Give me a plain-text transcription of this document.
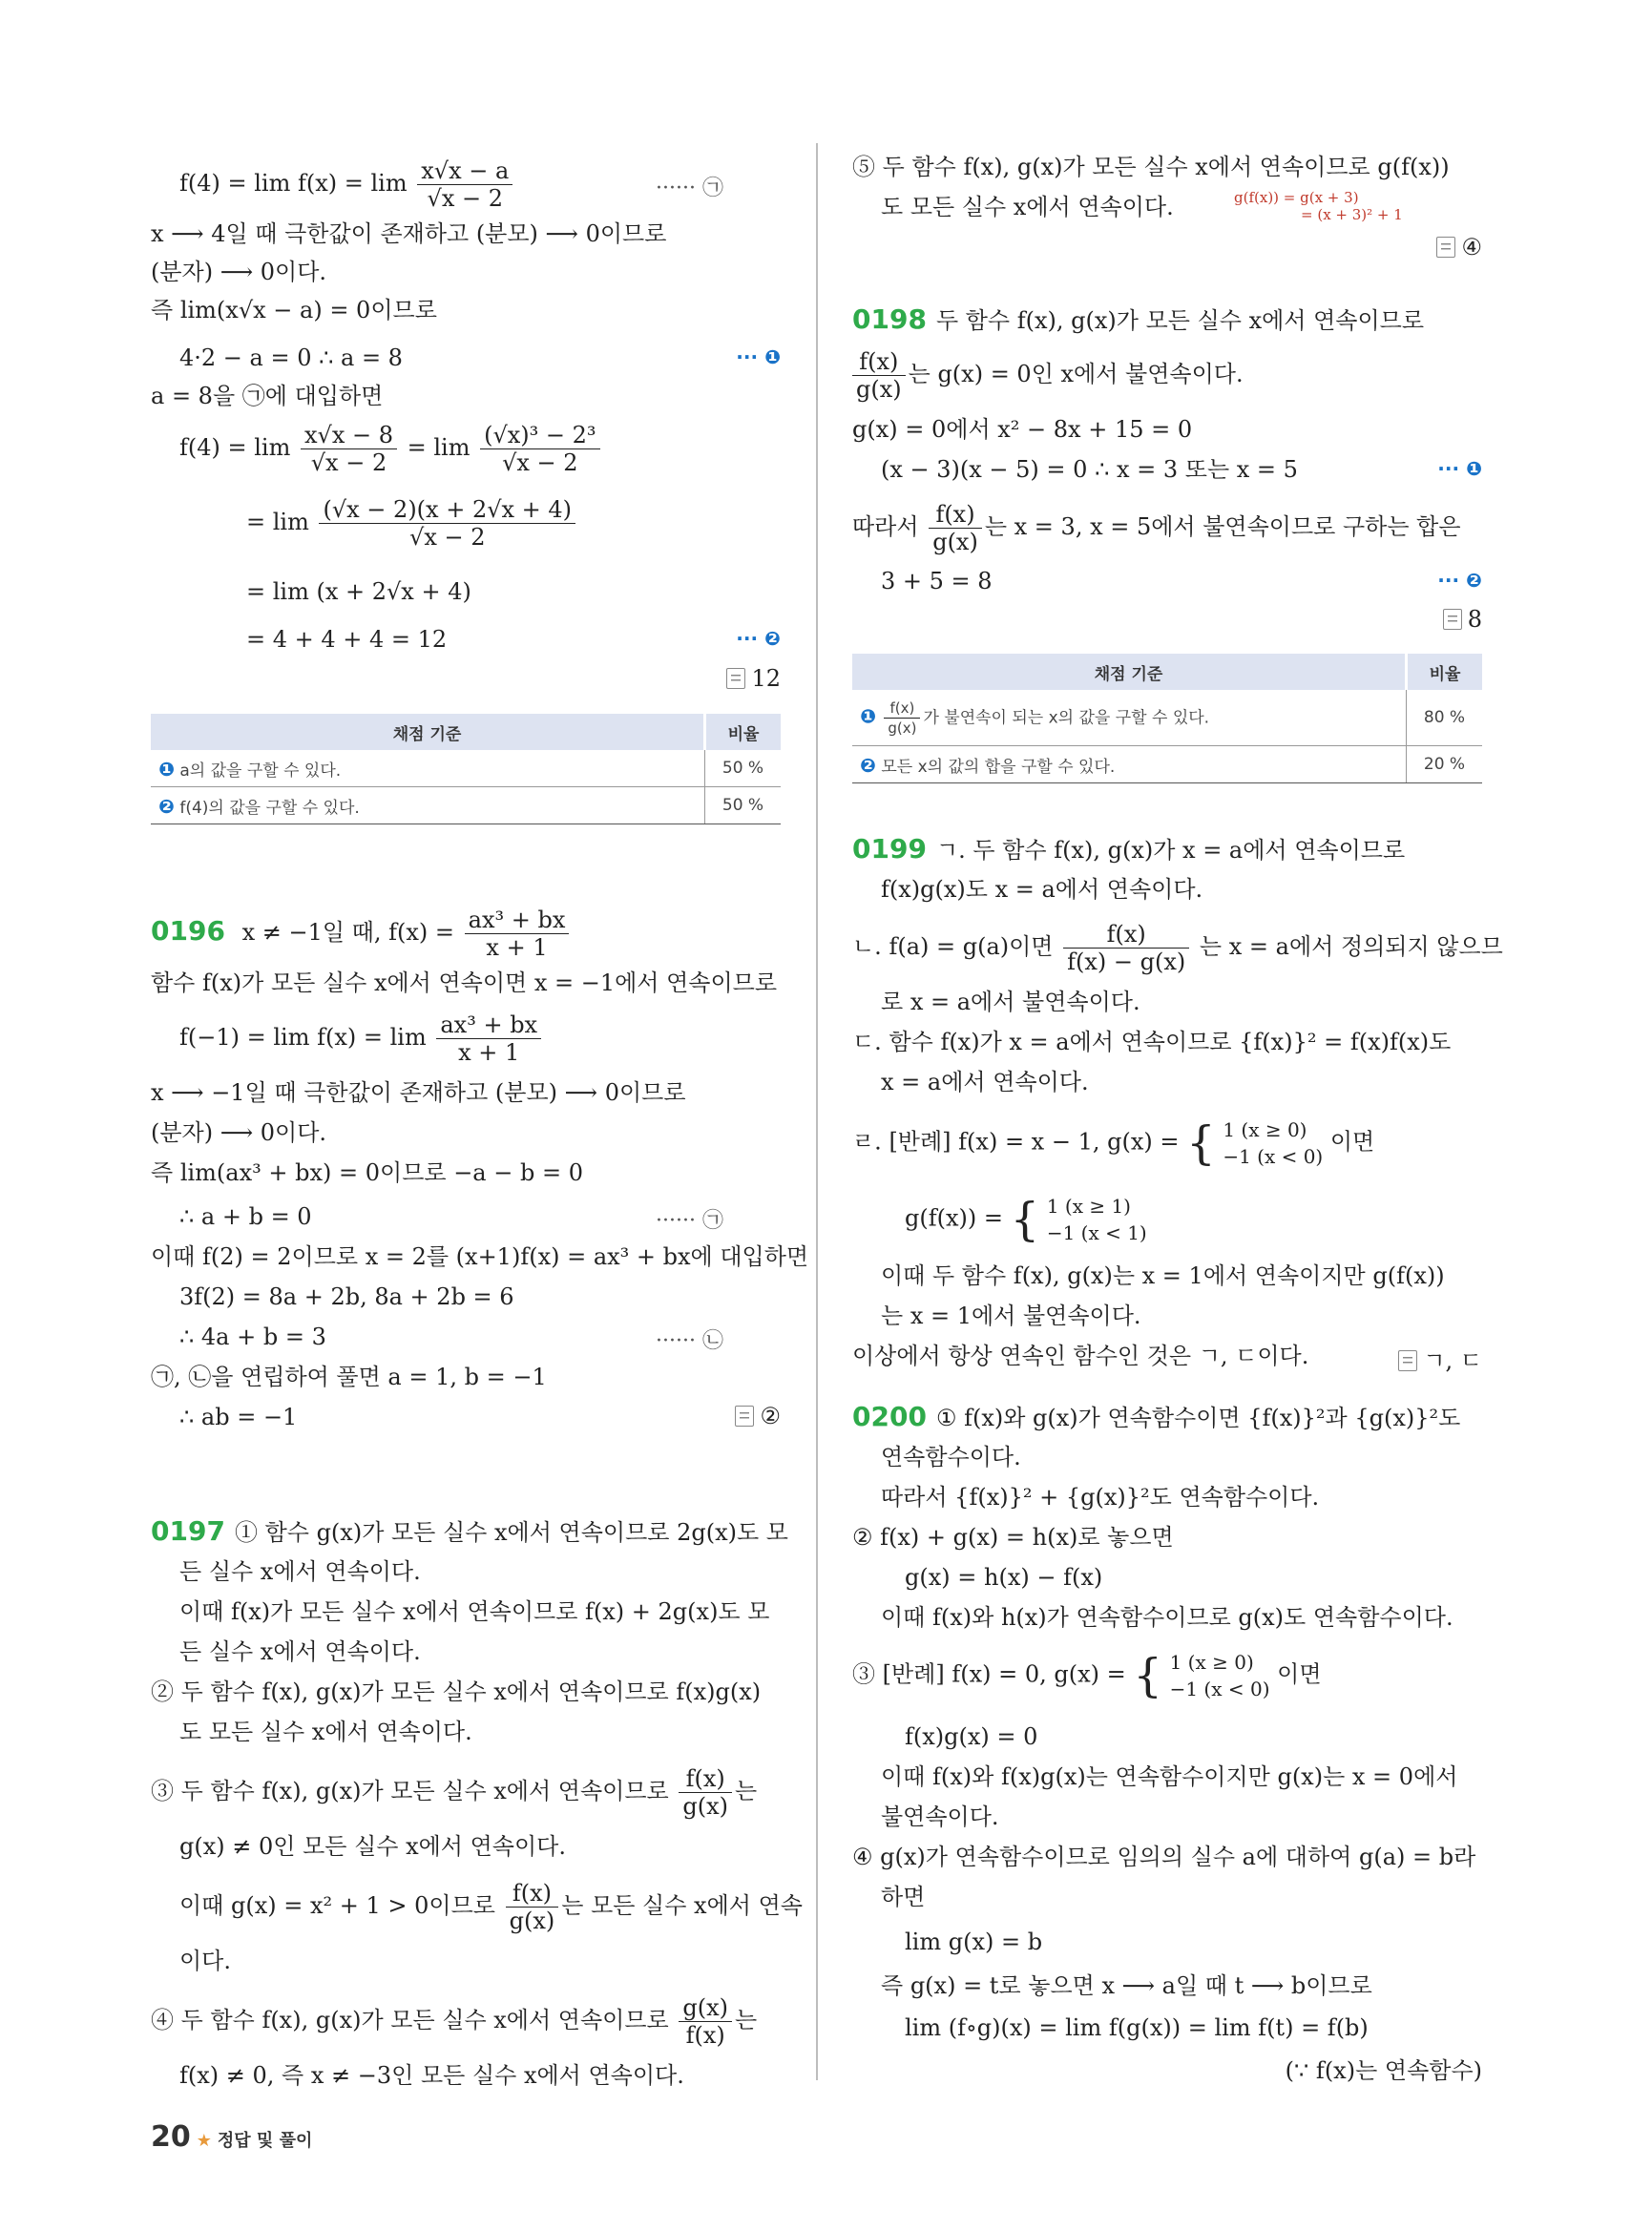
$f(4) = \lim f(x) = \lim \frac{x√x - a}{√x - 2}$	······ ㉠
x ⟶ 4일 때 극한값이 존재하고 (분모) ⟶ 0이므로
(분자) ⟶ 0이다.
즉 lim(x√x − a) = 0이므로
4·2 − a = 0 ∴ a = 8	··· ❶
a = 8을 ㉠에 대입하면
$f(4) = \lim \frac{x√x - 8}{√x - 2} = \lim \frac{\text{(√x)³ − 2³}}{√x - 2}$
= $\lim \frac{(√x - 2)(x + 2√x + 4)}{√x - 2}$
= lim (x + 2√x + 4)
= 4 + 4 + 4 = 12	··· ❷
12
채점 기준	비율
❶ a의 값을 구할 수 있다.	50 %
❷ f(4)의 값을 구할 수 있다.	50 %
0196 x ≠ −1일 때, $f(x) = \frac{\text{ax³ + bx}}{x + 1}$
함수 f(x)가 모든 실수 x에서 연속이면 x = −1에서 연속이므로
$f(-1) = \lim f(x) = \lim \frac{\text{ax³ + bx}}{x + 1}$
x ⟶ −1일 때 극한값이 존재하고 (분모) ⟶ 0이므로
(분자) ⟶ 0이다.
즉 lim(ax³ + bx) = 0이므로 −a − b = 0
∴ a + b = 0	······ ㉠
이때 f(2) = 2이므로 x = 2를 (x+1)f(x) = ax³ + bx에 대입하면
3f(2) = 8a + 2b, 8a + 2b = 6
∴ 4a + b = 3	······ ㉡
㉠, ㉡을 연립하여 풀면 a = 1, b = −1
∴ ab = −1	②
0197 ① 함수 g(x)가 모든 실수 x에서 연속이므로 2g(x)도 모
든 실수 x에서 연속이다.
이때 f(x)가 모든 실수 x에서 연속이므로 f(x) + 2g(x)도 모
든 실수 x에서 연속이다.
② 두 함수 f(x), g(x)가 모든 실수 x에서 연속이므로 f(x)g(x)
도 모든 실수 x에서 연속이다.
③ 두 함수 f(x), g(x)가 모든 실수 x에서 연속이므로 $\frac{f(x)}{g(x)}$ 는
g(x) ≠ 0인 모든 실수 x에서 연속이다.
이때 g(x) = x² + 1 > 0이므로 $\frac{f(x)}{g(x)}$ 는 모든 실수 x에서 연속
이다.
④ 두 함수 f(x), g(x)가 모든 실수 x에서 연속이므로 $\frac{g(x)}{f(x)}$ 는
f(x) ≠ 0, 즉 x ≠ −3인 모든 실수 x에서 연속이다.
⑤ 두 함수 f(x), g(x)가 모든 실수 x에서 연속이므로 g(f(x))
도 모든 실수 x에서 연속이다.	g(f(x)) = g(x + 3)
= (x + 3)² + 1
④
0198 두 함수 f(x), g(x)가 모든 실수 x에서 연속이므로
$\frac{f(x)}{g(x)}$ 는 g(x) = 0인 x에서 불연속이다.
g(x) = 0에서 x² − 8x + 15 = 0
(x − 3)(x − 5) = 0 ∴ x = 3 또는 x = 5	··· ❶
따라서 $\frac{f(x)}{g(x)}$ 는 x = 3, x = 5에서 불연속이므로 구하는 합은
3 + 5 = 8	··· ❷
8
채점 기준	비율
❶ $\frac{f(x)}{g(x)}$ 가 불연속이 되는 x의 값을 구할 수 있다.	80 %
❷ 모든 x의 값의 합을 구할 수 있다.	20 %
0199 ㄱ. 두 함수 f(x), g(x)가 x = a에서 연속이므로
f(x)g(x)도 x = a에서 연속이다.
ㄴ. f(a) = g(a)이면 $\frac{f(x)}{f(x) - g(x)}$ 는 x = a에서 정의되지 않으므
로 x = a에서 불연속이다.
ㄷ. 함수 f(x)가 x = a에서 연속이므로 {f(x)}² = f(x)f(x)도
x = a에서 연속이다.
ㄹ. [반례] f(x) = x − 1, g(x) = { 1 (x ≥ 0)
−1 (x < 0)
이면
g(f(x)) = { 1 (x ≥ 1)
−1 (x < 1)
이때 두 함수 f(x), g(x)는 x = 1에서 연속이지만 g(f(x))
는 x = 1에서 불연속이다.
이상에서 항상 연속인 함수인 것은 ㄱ, ㄷ이다.	ㄱ, ㄷ
0200 ① f(x)와 g(x)가 연속함수이면 {f(x)}²과 {g(x)}²도
연속함수이다.
따라서 {f(x)}² + {g(x)}²도 연속함수이다.
② f(x) + g(x) = h(x)로 놓으면
g(x) = h(x) − f(x)
이때 f(x)와 h(x)가 연속함수이므로 g(x)도 연속함수이다.
③ [반례] f(x) = 0, g(x) = { 1 (x ≥ 0)
−1 (x < 0)
이면
f(x)g(x) = 0
이때 f(x)와 f(x)g(x)는 연속함수이지만 g(x)는 x = 0에서
불연속이다.
④ g(x)가 연속함수이므로 임의의 실수 a에 대하여 g(a) = b라
하면
lim g(x) = b
즉 g(x) = t로 놓으면 x ⟶ a일 때 t ⟶ b이므로
lim (f∘g)(x) = lim f(g(x)) = lim f(t) = f(b)
(∵ f(x)는 연속함수)
20 ★ 정답 및 풀이
